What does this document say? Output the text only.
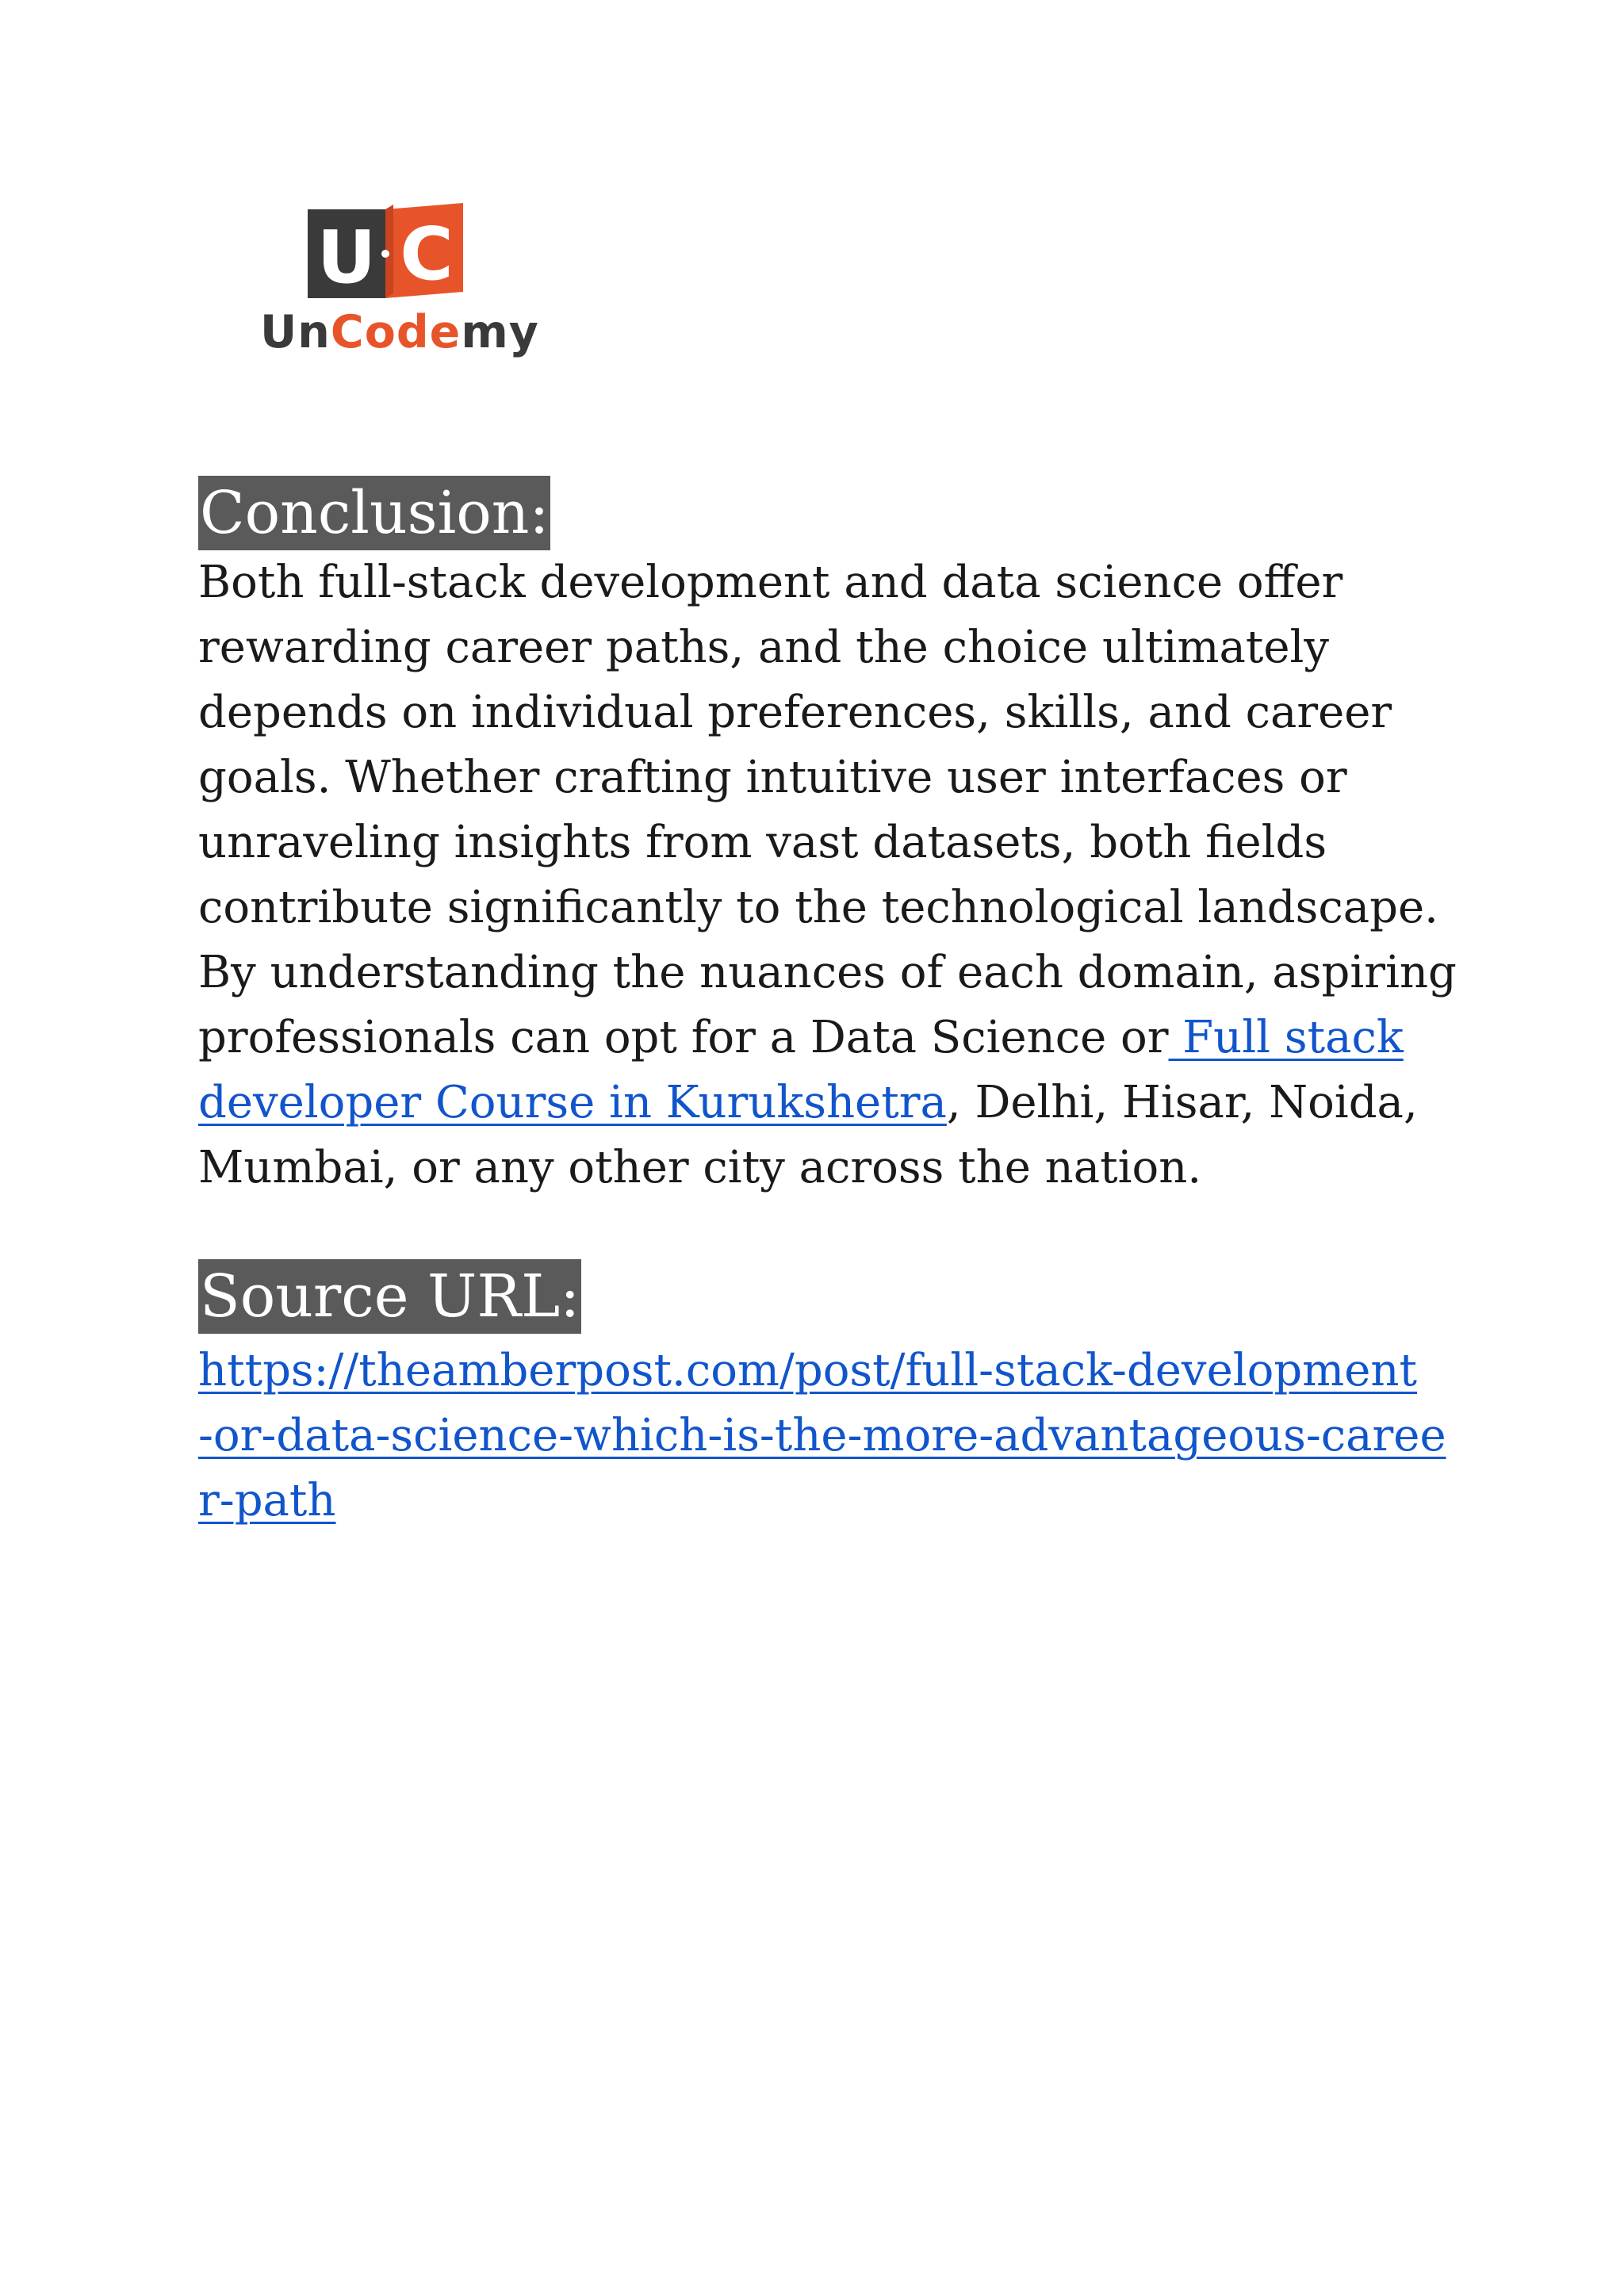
U C
UnCodemy
Conclusion:

Both full-stack development and data science offer

rewarding career paths, and the choice ultimately

depends on individual preferences, skills, and career

goals. Whether crafting intuitive user interfaces or

unraveling insights from vast datasets, both fields

contribute significantly to the technological landscape.

By understanding the nuances of each domain, aspiring

professionals can opt for a Data Science or Full stack

developer Course in Kurukshetra, Delhi, Hisar, Noida,

Mumbai, or any other city across the nation.

Source URL:

https://theamberpost.com/post/full-stack-development

-or-data-science-which-is-the-more-advantageous-caree

r-path
